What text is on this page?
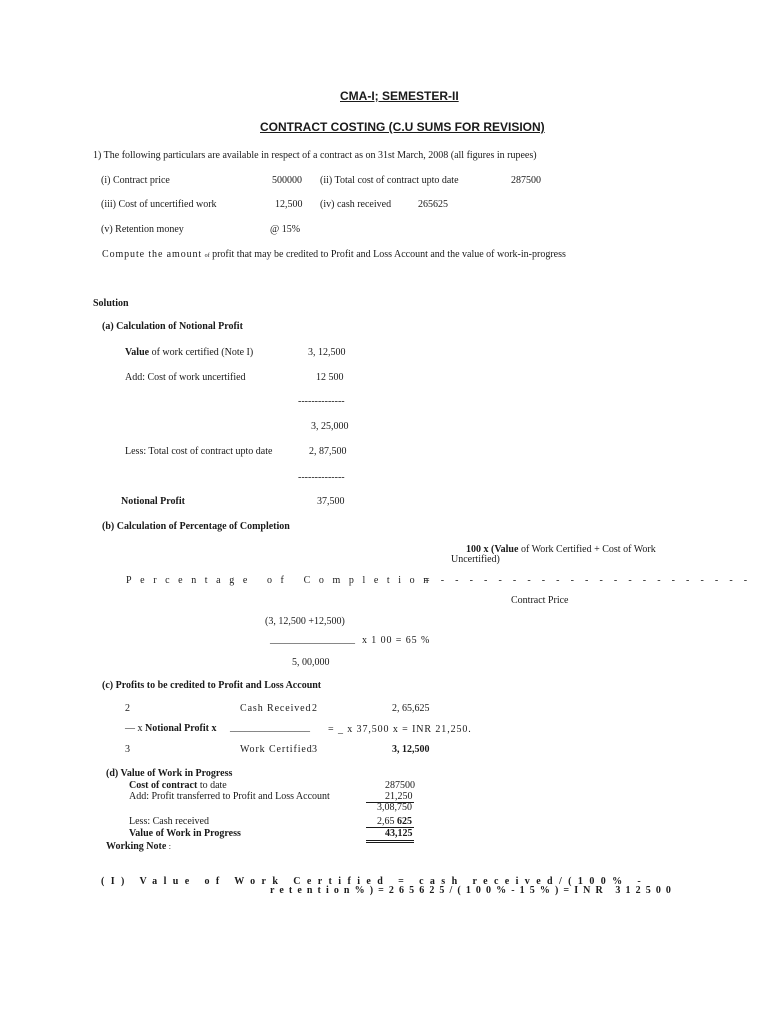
CMA-I; SEMESTER-II
CONTRACT COSTING (C.U SUMS FOR REVISION)
1) The following particulars are available in respect of a contract as on 31st March, 2008 (all figures in rupees)
(i) Contract price	500000 (ii) Total cost of contract upto date	287500
(iii) Cost of uncertified work	12,500 (iv) cash received	265625
(v) Retention money	@ 15%
Compute the amount of profit that may be credited to Profit and Loss Account and the value of work-in-progress
Solution
(a) Calculation of Notional Profit
Value of work certified (Note I)	3, 12,500
Add: Cost of work uncertified	12 500
--------------
3, 25,000
Less: Total cost of contract upto date	2, 87,500
--------------
Notional Profit	37,500
(b) Calculation of Percentage of Completion
100 x (Value of Work Certified + Cost of Work
Uncertified)
Percentage of Completion
= - - - - - - - - - - - - - - - - - - - - - -
Contract Price
(3, 12,500 +12,500)
_________________ x 1 00 = 65 %
5, 00,000
(c) Profits to be credited to Profit and Loss Account
2	Cash Received 2	2, 65,625
— x Notional Profit x ________________ = _ x 37,500 x = INR 21,250.
3	Work Certified 3	3, 12,500
(d) Value of Work in Progress
Cost of contract to date	287500
Add: Profit transferred to Profit and Loss Account	21,250
3,08,750
Less: Cash received	2,65 625
Value of Work in Progress	43,125
Working Note :
(I) Value of Work Certified = cash received/(100% -
retention%)=265625/(100%-15%)=INR 312500
